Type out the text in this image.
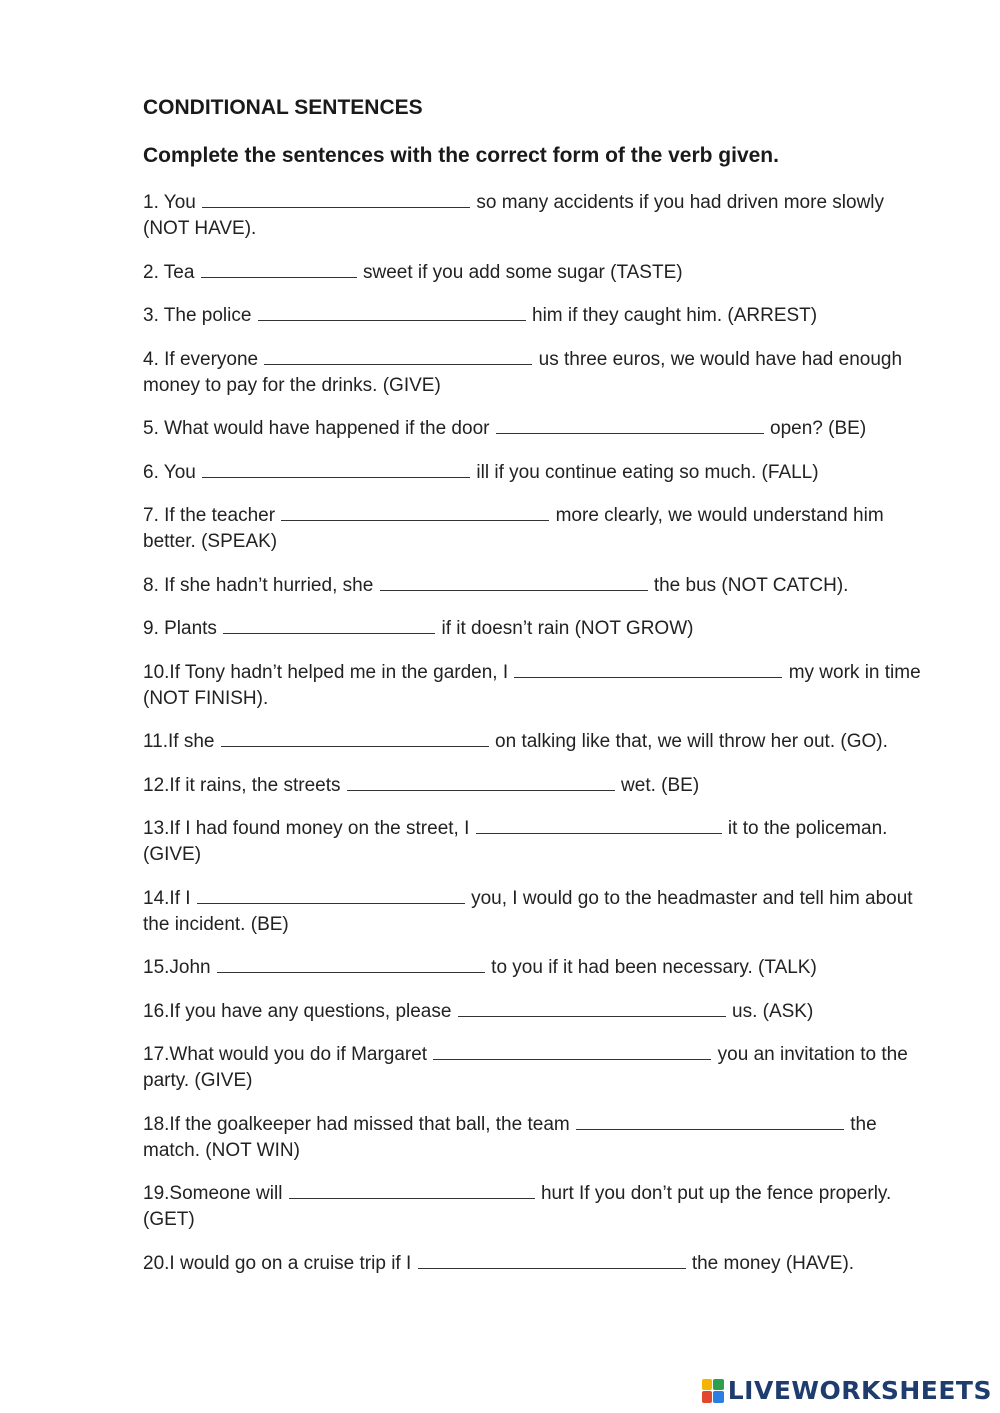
CONDITIONAL SENTENCES
Complete the sentences with the correct form of the verb given.
1. You	so many accidents if you had driven more slowly (NOT HAVE).
2. Tea	sweet if you add some sugar (TASTE)
3. The police	him if they caught him. (ARREST)
4. If everyone	us three euros, we would have had enough money to pay for the drinks. (GIVE)
5. What would have happened if the door	open? (BE)
6. You	ill if you continue eating so much. (FALL)
7. If the teacher	more clearly, we would understand him better. (SPEAK)
8. If she hadn’t hurried, she	the bus (NOT CATCH).
9. Plants	if it doesn’t rain (NOT GROW)
10.If Tony hadn’t helped me in the garden, I	my work in time (NOT FINISH).
11.If she	on talking like that, we will throw her out. (GO).
12.If it rains, the streets	wet. (BE)
13.If I had found money on the street, I	it to the policeman. (GIVE)
14.If I	you, I would go to the headmaster and tell him about the incident. (BE)
15.John	to you if it had been necessary. (TALK)
16.If you have any questions, please	us. (ASK)
17.What would you do if Margaret	you an invitation to the party. (GIVE)
18.If the goalkeeper had missed that ball, the team	the match. (NOT WIN)
19.Someone will	hurt If you don’t put up the fence properly. (GET)
20.I would go on a cruise trip if I	the money (HAVE).
LIVEWORKSHEETS
